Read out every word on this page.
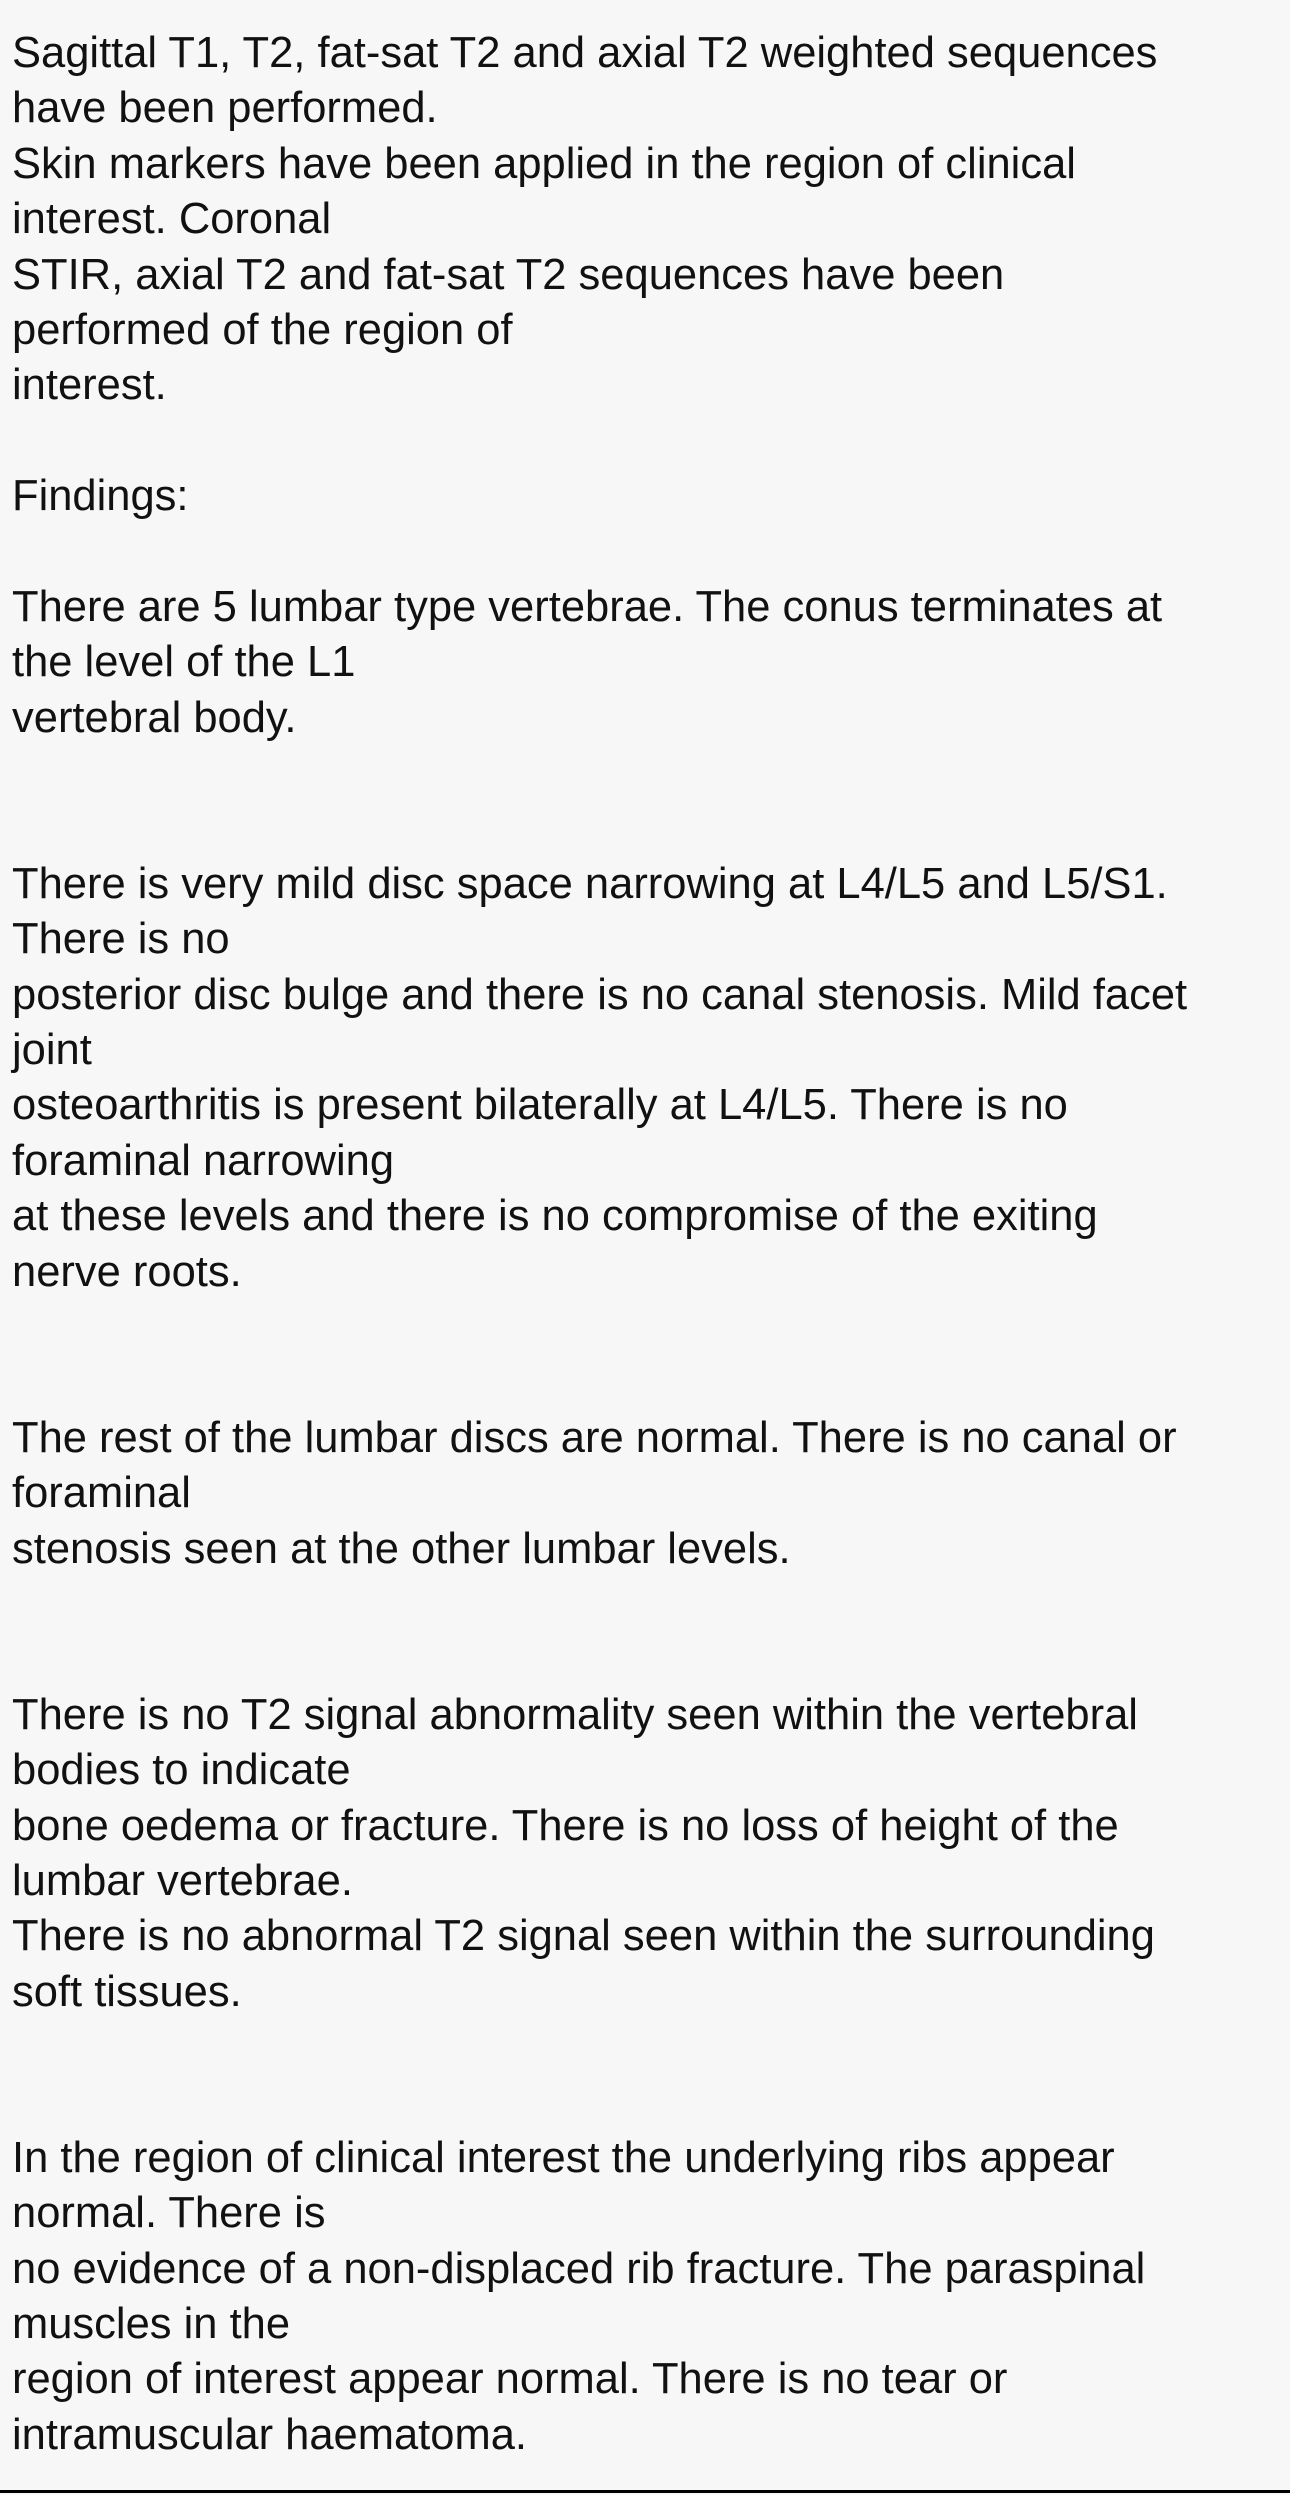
Sagittal T1, T2, fat-sat T2 and axial T2 weighted sequences
have been performed.
Skin markers have been applied in the region of clinical
interest. Coronal
STIR, axial T2 and fat-sat T2 sequences have been
performed of the region of
interest.

Findings:

There are 5 lumbar type vertebrae. The conus terminates at
the level of the L1
vertebral body.

There is very mild disc space narrowing at L4/L5 and L5/S1.
There is no
posterior disc bulge and there is no canal stenosis. Mild facet
joint
osteoarthritis is present bilaterally at L4/L5. There is no
foraminal narrowing
at these levels and there is no compromise of the exiting
nerve roots.

The rest of the lumbar discs are normal. There is no canal or
foraminal
stenosis seen at the other lumbar levels.

There is no T2 signal abnormality seen within the vertebral
bodies to indicate
bone oedema or fracture. There is no loss of height of the
lumbar vertebrae.
There is no abnormal T2 signal seen within the surrounding
soft tissues.

In the region of clinical interest the underlying ribs appear
normal. There is
no evidence of a non-displaced rib fracture. The paraspinal
muscles in the
region of interest appear normal. There is no tear or
intramuscular haematoma.
